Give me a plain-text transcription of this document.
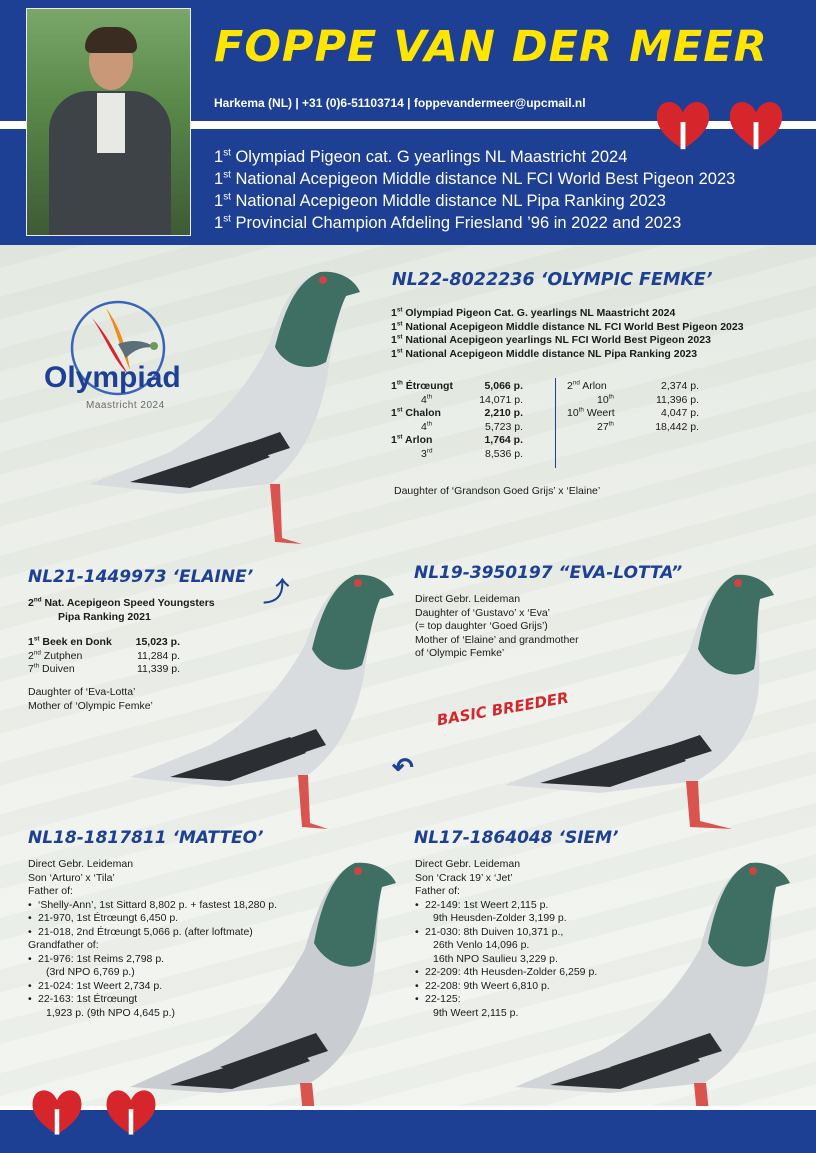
FOPPE VAN DER MEER
Harkema (NL) | +31 (0)6-51103714 | foppevandermeer@upcmail.nl
1st Olympiad Pigeon cat. G yearlings NL Maastricht 2024
1st National Acepigeon Middle distance NL FCI World Best Pigeon 2023
1st National Acepigeon Middle distance NL Pipa Ranking 2023
1st Provincial Champion Afdeling Friesland ’96 in 2022 and 2023
Olympiad
Maastricht 2024
NL22-8022236 ‘OLYMPIC FEMKE’
1st Olympiad Pigeon Cat. G. yearlings NL Maastricht 2024
1st National Acepigeon Middle distance NL FCI World Best Pigeon 2023
1st National Acepigeon yearlings NL FCI World Best Pigeon 2023
1st National Acepigeon Middle distance NL Pipa Ranking 2023
1th Étrœungt	5,066 p.
4th	14,071 p.
1st Chalon	2,210 p.
4th	5,723 p.
1st Arlon	1,764 p.
3rd	8,536 p.
2nd Arlon	2,374 p.
10th	11,396 p.
10th Weert	4,047 p.
27th	18,442 p.
Daughter of ‘Grandson Goed Grijs’ x ‘Elaine’
NL21-1449973 ‘ELAINE’
2nd Nat. Acepigeon Speed Youngsters
Pipa Ranking 2021
1st Beek en Donk	15,023 p.
2nd Zutphen	11,284 p.
7th Duiven	11,339 p.
Daughter of ‘Eva-Lotta’
Mother of ‘Olympic Femke’
⤴
NL19-3950197 “EVA-LOTTA”
Direct Gebr. Leideman
Daughter of ‘Gustavo’ x ‘Eva’
(= top daughter ‘Goed Grijs’)
Mother of ‘Elaine’ and grandmother
of ‘Olympic Femke’
BASIC BREEDER
↶
NL18-1817811 ‘MATTEO’
Direct Gebr. Leideman
Son ‘Arturo’ x ‘Tila’
Father of:
• ‘Shelly-Ann’, 1st Sittard 8,802 p. + fastest 18,280 p.
• 21-970, 1st Étrœungt 6,450 p.
• 21-018, 2nd Étrœungt 5,066 p. (after loftmate)
Grandfather of:
• 21-976: 1st Reims 2,798 p.
(3rd NPO 6,769 p.)
• 21-024: 1st Weert 2,734 p.
• 22-163: 1st Étrœungt
1,923 p. (9th NPO 4,645 p.)
NL17-1864048 ‘SIEM’
Direct Gebr. Leideman
Son ‘Crack 19’ x ‘Jet’
Father of:
• 22-149: 1st Weert 2,115 p.
9th Heusden-Zolder 3,199 p.
• 21-030: 8th Duiven 10,371 p.,
26th Venlo 14,096 p.
16th NPO Saulieu 3,229 p.
• 22-209: 4th Heusden-Zolder 6,259 p.
• 22-208: 9th Weert 6,810 p.
• 22-125:
9th Weert 2,115 p.
